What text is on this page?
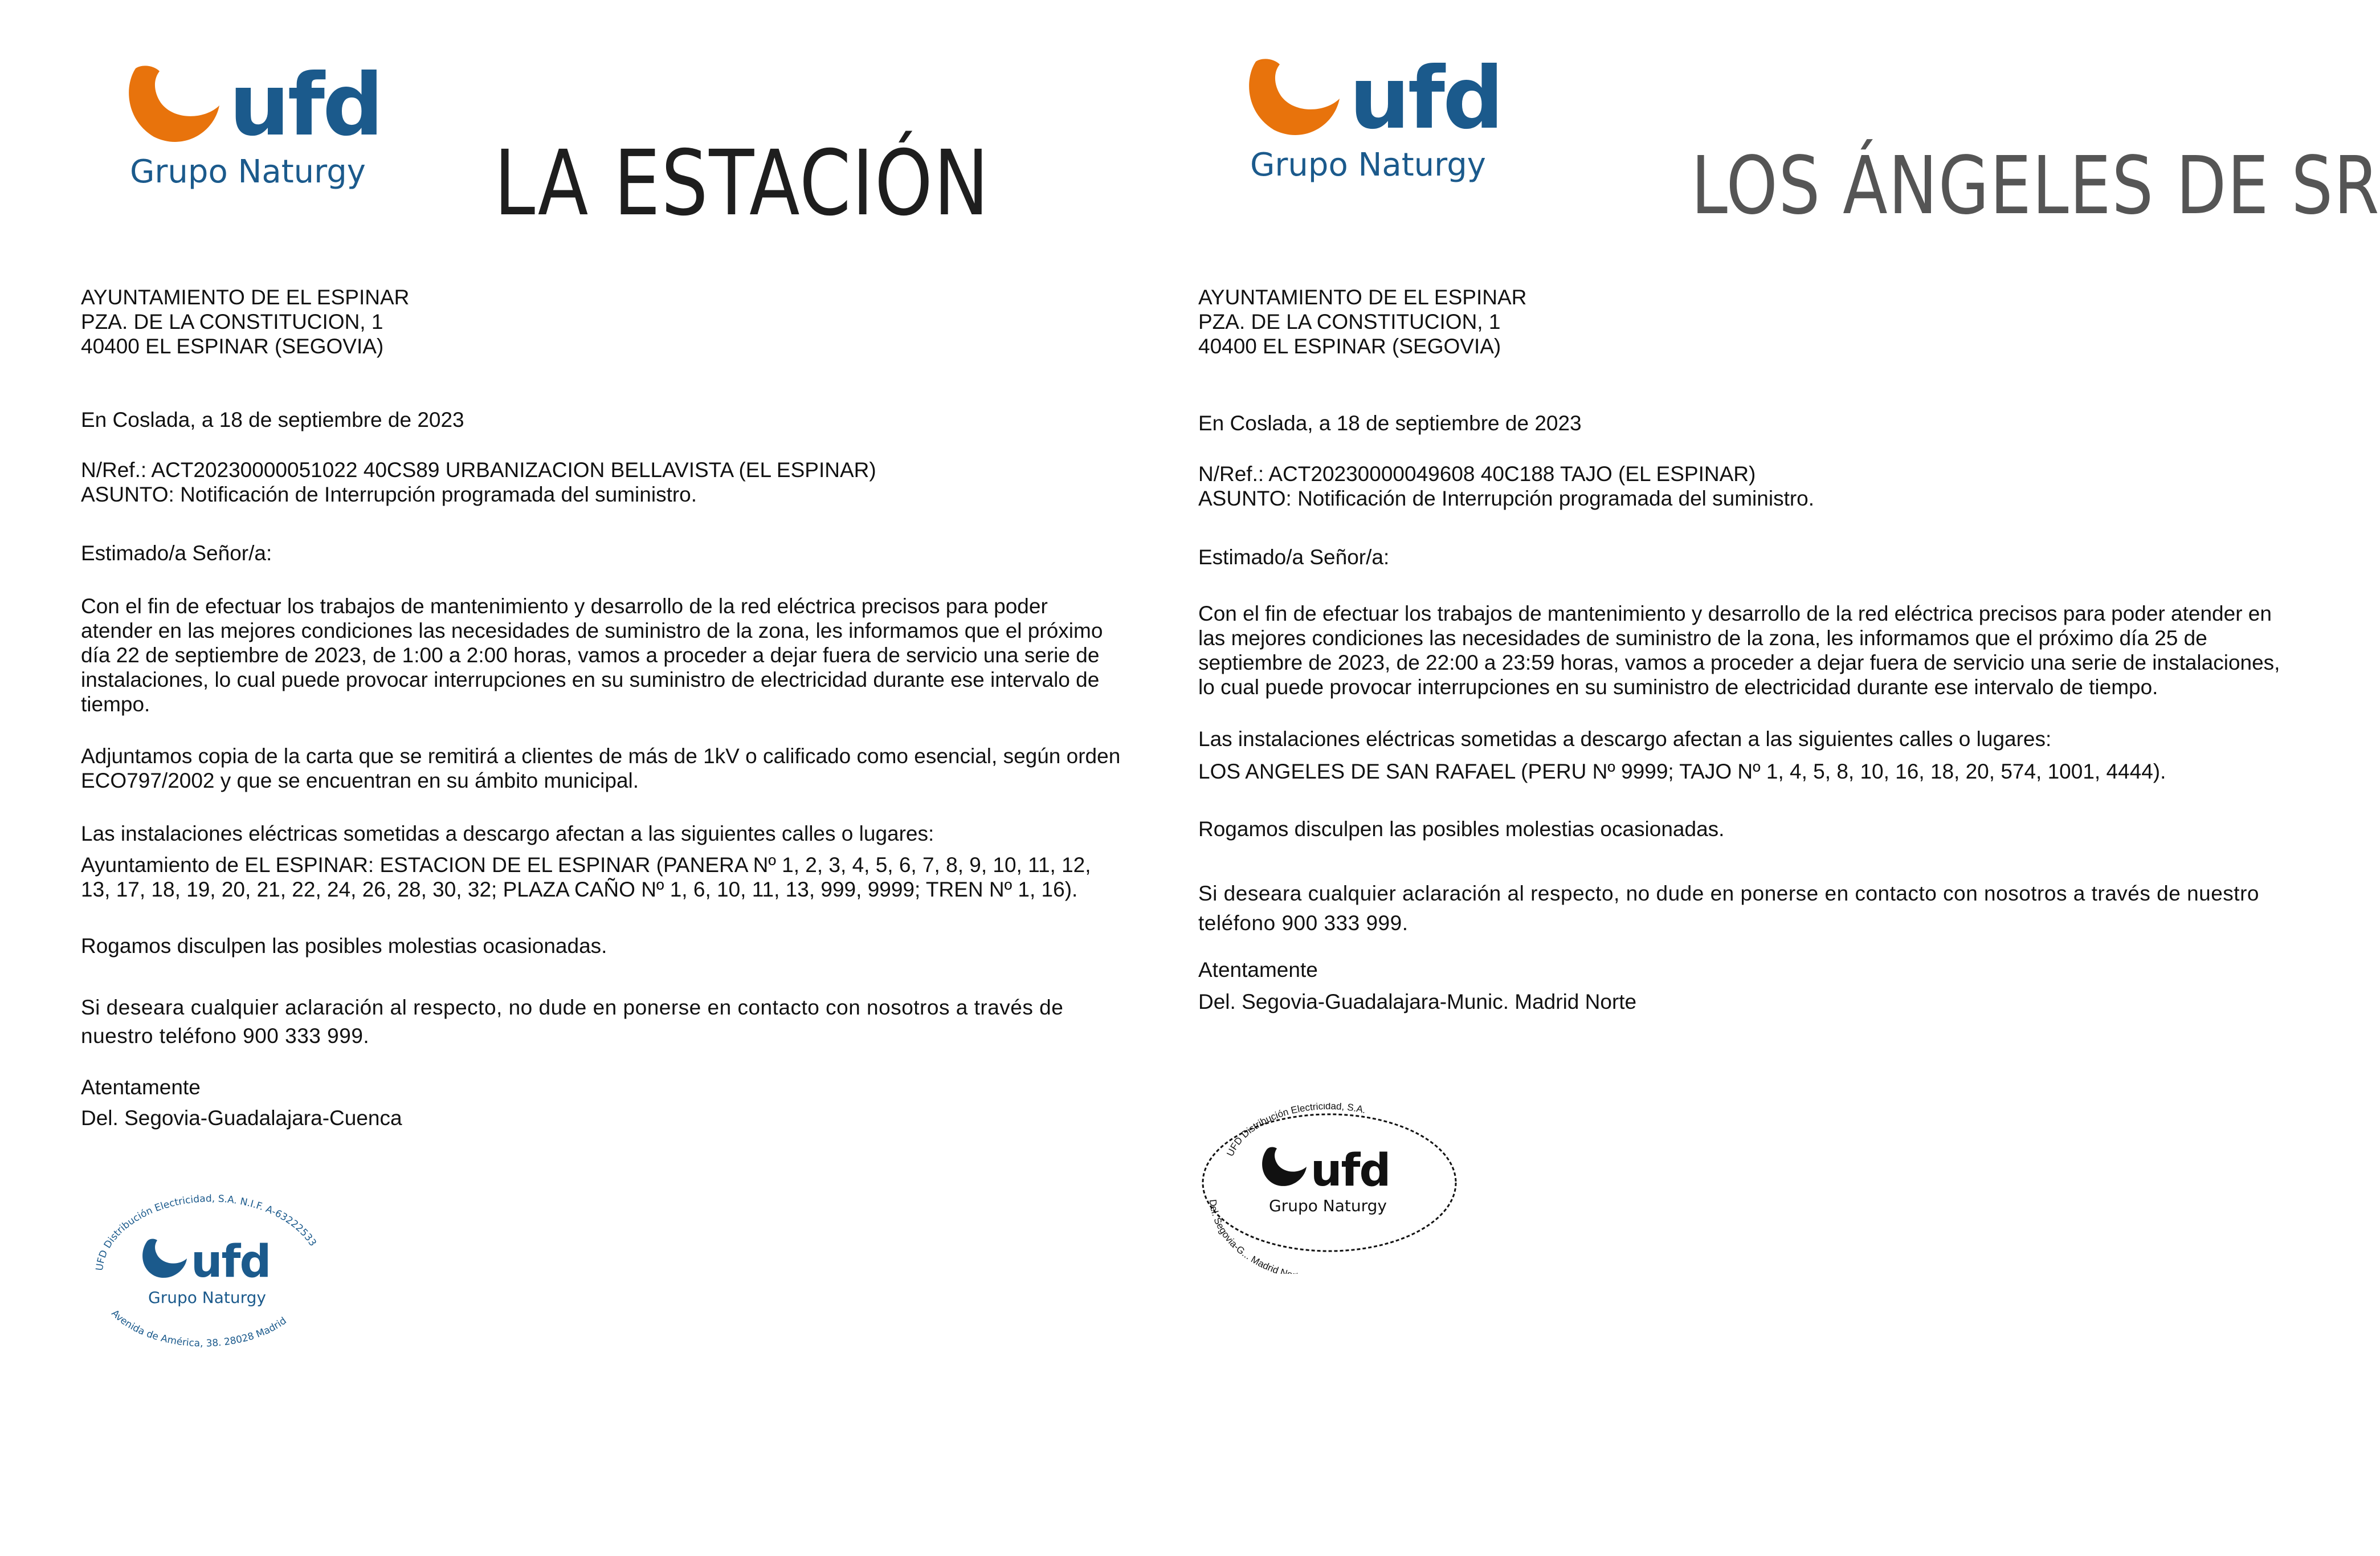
ufd
Grupo Naturgy LA ESTACIÓN

AYUNTAMIENTO DE EL ESPINAR

PZA. DE LA CONSTITUCION, 1

40400 EL ESPINAR (SEGOVIA)

En Coslada, a 18 de septiembre de 2023

N/Ref.: ACT20230000051022 40CS89 URBANIZACION BELLAVISTA (EL ESPINAR)

ASUNTO: Notificación de Interrupción programada del suministro.

Estimado/a Señor/a:

Con el fin de efectuar los trabajos de mantenimiento y desarrollo de la red eléctrica precisos para poder atender en las mejores condiciones las necesidades de suministro de la zona, les informamos que el próximo día 22 de septiembre de 2023, de 1:00 a 2:00 horas, vamos a proceder a dejar fuera de servicio una serie de instalaciones, lo cual puede provocar interrupciones en su suministro de electricidad durante ese intervalo de tiempo.

Adjuntamos copia de la carta que se remitirá a clientes de más de 1kV o calificado como esencial, según orden ECO797/2002 y que se encuentran en su ámbito municipal.

Las instalaciones eléctricas sometidas a descargo afectan a las siguientes calles o lugares:

Ayuntamiento de EL ESPINAR: ESTACION DE EL ESPINAR (PANERA Nº 1, 2, 3, 4, 5, 6, 7, 8, 9, 10, 11, 12, 13, 17, 18, 19, 20, 21, 22, 24, 26, 28, 30, 32; PLAZA CAÑO Nº 1, 6, 10, 11, 13, 999, 9999; TREN Nº 1, 16).

Rogamos disculpen las posibles molestias ocasionadas.

Si deseara cualquier aclaración al respecto, no dude en ponerse en contacto con nosotros a través de nuestro teléfono 900 333 999.

Atentamente

Del. Segovia-Guadalajara-Cuenca

UFD Distribución Electricidad, S.A. N.I.F. A-63222533
Avenida de América, 38. 28028 Madrid
ufd
Grupo Naturgy
ufd
Grupo Naturgy	LOS ÁNGELES DE SR

AYUNTAMIENTO DE EL ESPINAR

PZA. DE LA CONSTITUCION, 1

40400 EL ESPINAR (SEGOVIA)

En Coslada, a 18 de septiembre de 2023

N/Ref.: ACT20230000049608 40C188 TAJO (EL ESPINAR)

ASUNTO: Notificación de Interrupción programada del suministro.

Estimado/a Señor/a:

Con el fin de efectuar los trabajos de mantenimiento y desarrollo de la red eléctrica precisos para poder atender en las mejores condiciones las necesidades de suministro de la zona, les informamos que el próximo día 25 de septiembre de 2023, de 22:00 a 23:59 horas, vamos a proceder a dejar fuera de servicio una serie de instalaciones, lo cual puede provocar interrupciones en su suministro de electricidad durante ese intervalo de tiempo.

Las instalaciones eléctricas sometidas a descargo afectan a las siguientes calles o lugares:

LOS ANGELES DE SAN RAFAEL (PERU Nº 9999; TAJO Nº 1, 4, 5, 8, 10, 16, 18, 20, 574, 1001, 4444).

Rogamos disculpen las posibles molestias ocasionadas.

Si deseara cualquier aclaración al respecto, no dude en ponerse en contacto con nosotros a través de nuestro teléfono 900 333 999.

Atentamente

Del. Segovia-Guadalajara-Munic. Madrid Norte

UFD Distribución Electricidad, S.A.
Del. Segovia-G... Madrid N
ufd
Grupo Naturgy
